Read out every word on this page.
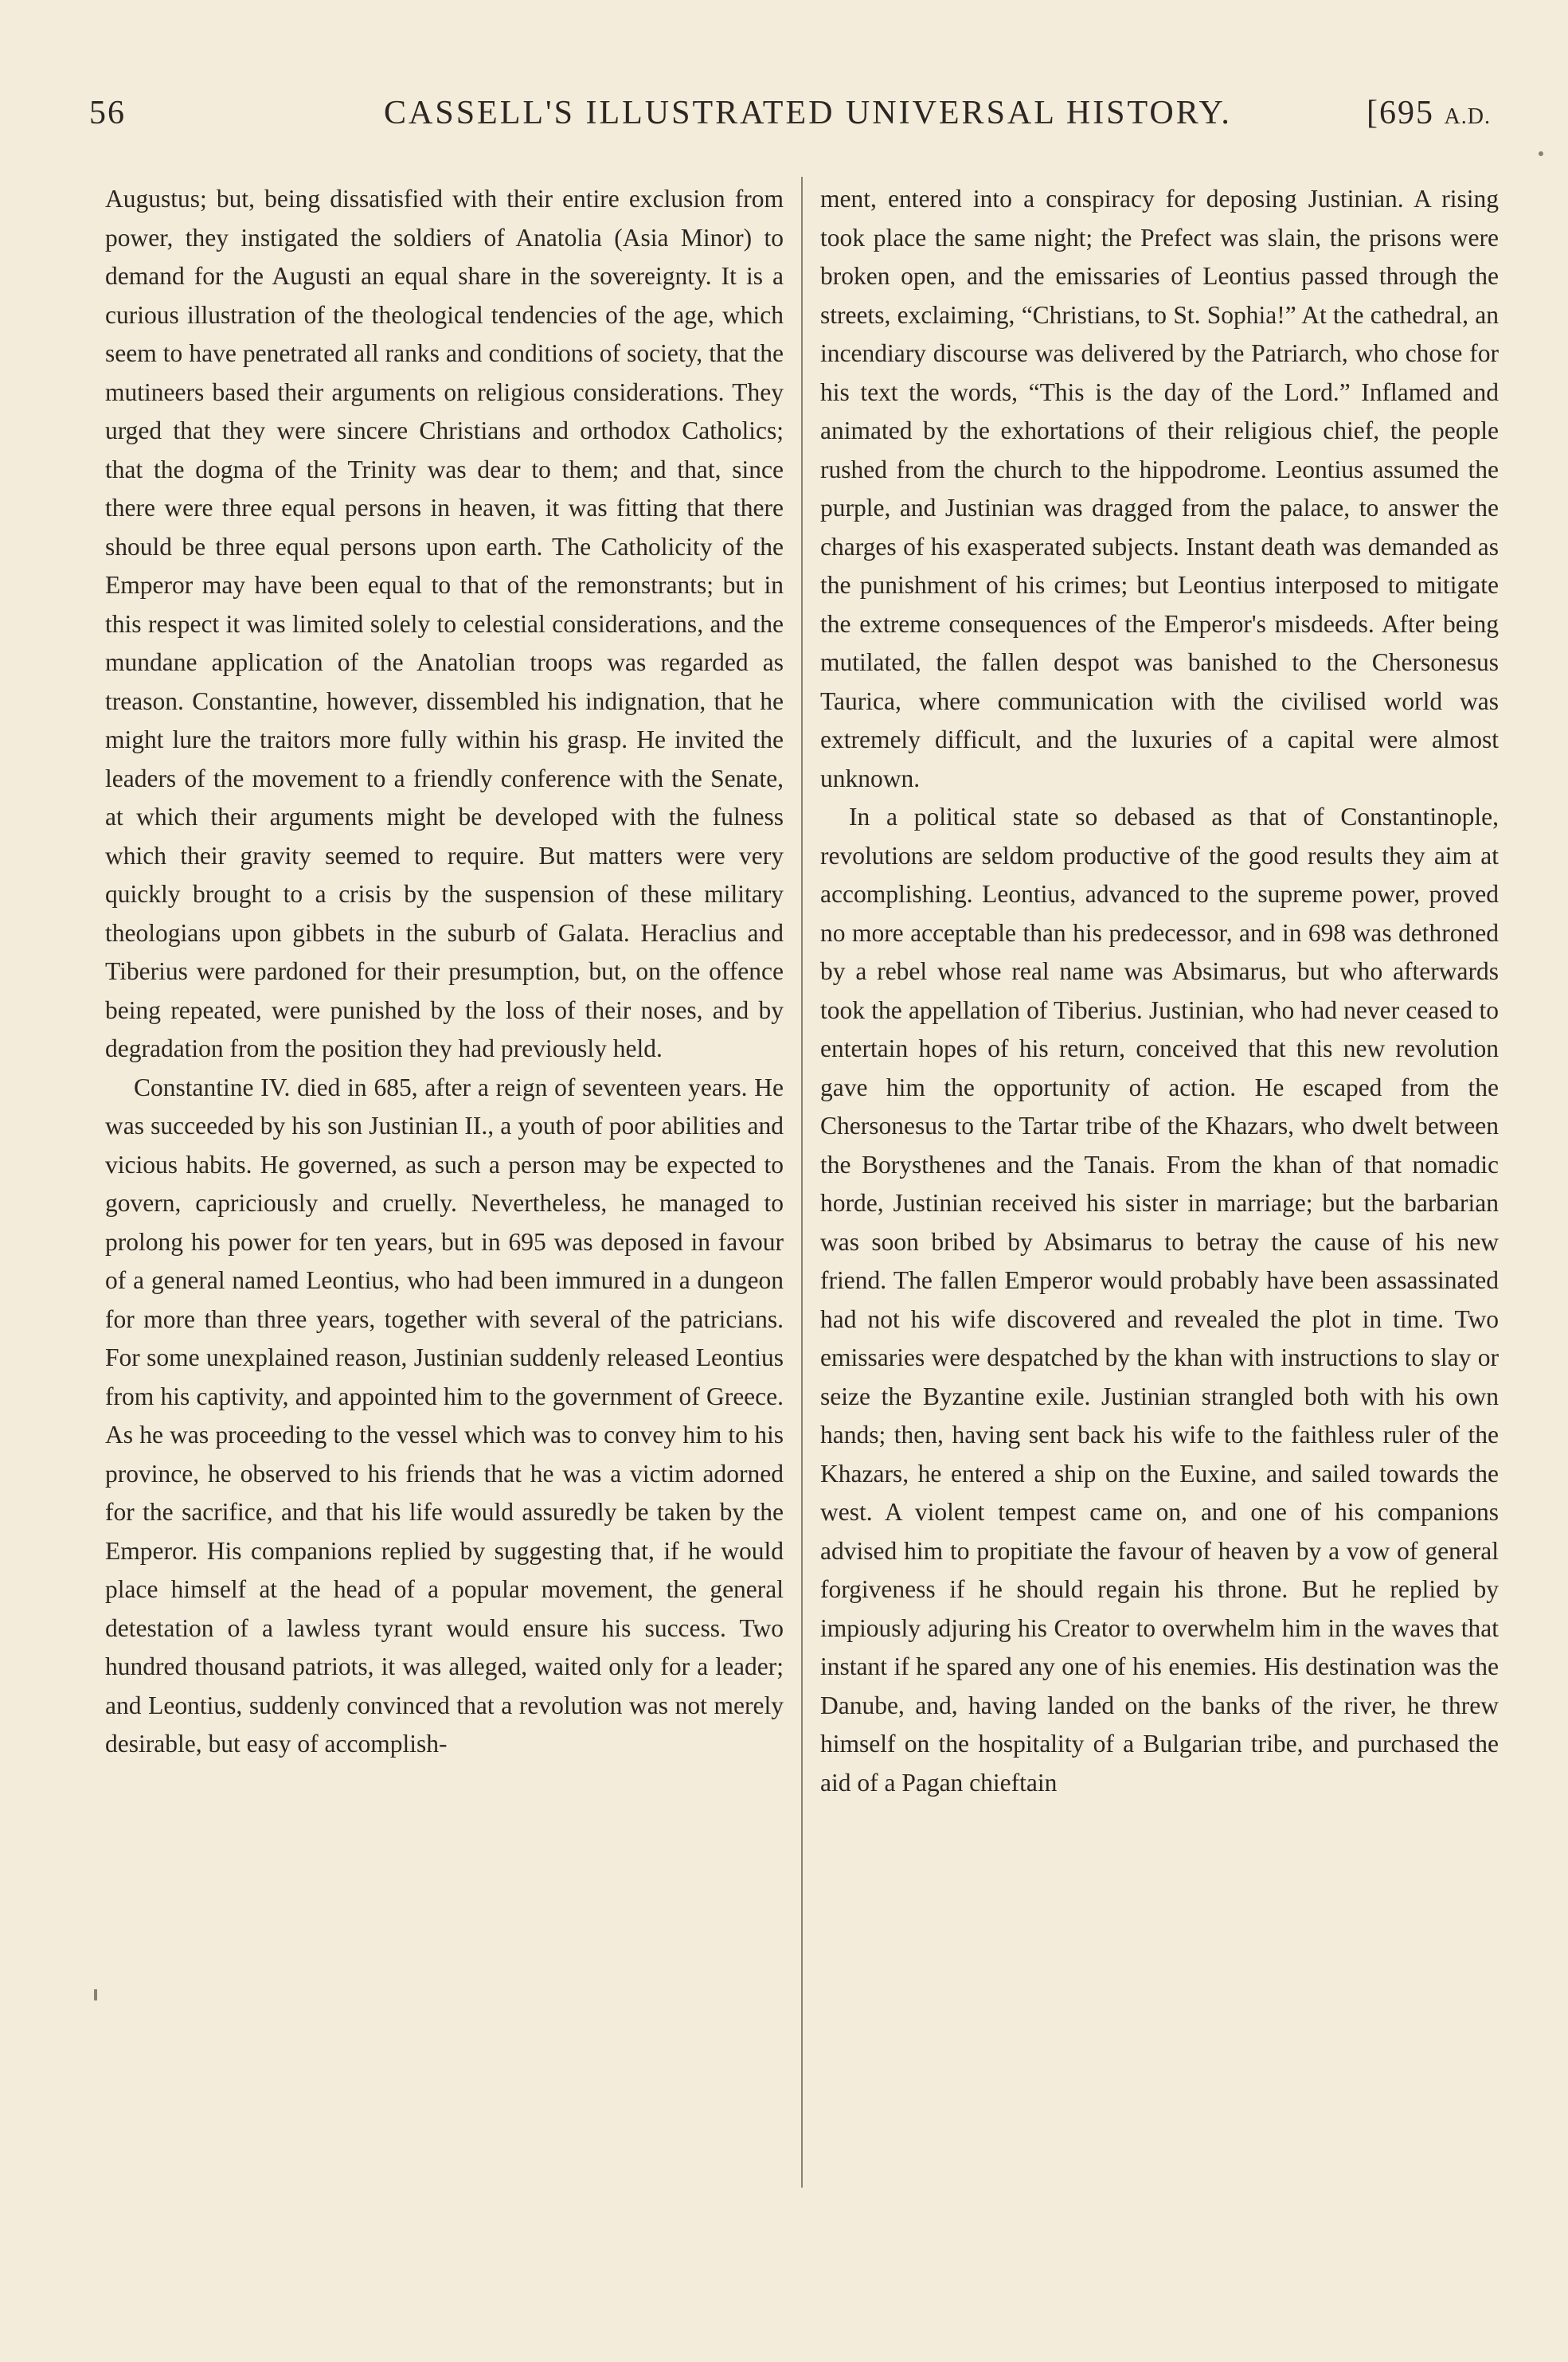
56	CASSELL'S ILLUSTRATED UNIVERSAL HISTORY.	[695 A.D.

Augustus; but, being dissatisfied with their entire exclusion from power, they instigated the soldiers of Anatolia (Asia Minor) to demand for the Augusti an equal share in the sovereignty. It is a curious illustration of the theological tendencies of the age, which seem to have penetrated all ranks and conditions of society, that the mutineers based their arguments on religious considerations. They urged that they were sincere Christians and orthodox Catholics; that the dogma of the Trinity was dear to them; and that, since there were three equal persons in heaven, it was fitting that there should be three equal persons upon earth. The Catholicity of the Emperor may have been equal to that of the remonstrants; but in this respect it was limited solely to celestial considerations, and the mundane application of the Anatolian troops was regarded as treason. Constantine, however, dissembled his indignation, that he might lure the traitors more fully within his grasp. He invited the leaders of the movement to a friendly conference with the Senate, at which their arguments might be developed with the fulness which their gravity seemed to require. But matters were very quickly brought to a crisis by the suspension of these military theologians upon gibbets in the suburb of Galata. Heraclius and Tiberius were pardoned for their presumption, but, on the offence being repeated, were punished by the loss of their noses, and by degradation from the position they had previously held.

Constantine IV. died in 685, after a reign of seventeen years. He was succeeded by his son Justinian II., a youth of poor abilities and vicious habits. He governed, as such a person may be expected to govern, capriciously and cruelly. Nevertheless, he managed to prolong his power for ten years, but in 695 was deposed in favour of a general named Leontius, who had been immured in a dungeon for more than three years, together with several of the patricians. For some unexplained reason, Justinian suddenly released Leontius from his captivity, and appointed him to the government of Greece. As he was proceeding to the vessel which was to convey him to his province, he observed to his friends that he was a victim adorned for the sacrifice, and that his life would assuredly be taken by the Emperor. His companions replied by suggesting that, if he would place himself at the head of a popular movement, the general detestation of a lawless tyrant would ensure his success. Two hundred thousand patriots, it was alleged, waited only for a leader; and Leontius, suddenly convinced that a revolution was not merely desirable, but easy of accomplish-

ment, entered into a conspiracy for deposing Justinian. A rising took place the same night; the Prefect was slain, the prisons were broken open, and the emissaries of Leontius passed through the streets, exclaiming, “Christians, to St. Sophia!” At the cathedral, an incendiary discourse was delivered by the Patriarch, who chose for his text the words, “This is the day of the Lord.” Inflamed and animated by the exhortations of their religious chief, the people rushed from the church to the hippodrome. Leontius assumed the purple, and Justinian was dragged from the palace, to answer the charges of his exasperated subjects. Instant death was demanded as the punishment of his crimes; but Leontius interposed to mitigate the extreme consequences of the Emperor's misdeeds. After being mutilated, the fallen despot was banished to the Chersonesus Taurica, where communication with the civilised world was extremely difficult, and the luxuries of a capital were almost unknown.

In a political state so debased as that of Constantinople, revolutions are seldom productive of the good results they aim at accomplishing. Leontius, advanced to the supreme power, proved no more acceptable than his predecessor, and in 698 was dethroned by a rebel whose real name was Absimarus, but who afterwards took the appellation of Tiberius. Justinian, who had never ceased to entertain hopes of his return, conceived that this new revolution gave him the opportunity of action. He escaped from the Chersonesus to the Tartar tribe of the Khazars, who dwelt between the Borysthenes and the Tanais. From the khan of that nomadic horde, Justinian received his sister in marriage; but the barbarian was soon bribed by Absimarus to betray the cause of his new friend. The fallen Emperor would probably have been assassinated had not his wife discovered and revealed the plot in time. Two emissaries were despatched by the khan with instructions to slay or seize the Byzantine exile. Justinian strangled both with his own hands; then, having sent back his wife to the faithless ruler of the Khazars, he entered a ship on the Euxine, and sailed towards the west. A violent tempest came on, and one of his companions advised him to propitiate the favour of heaven by a vow of general forgiveness if he should regain his throne. But he replied by impiously adjuring his Creator to overwhelm him in the waves that instant if he spared any one of his enemies. His destination was the Danube, and, having landed on the banks of the river, he threw himself on the hospitality of a Bulgarian tribe, and purchased the aid of a Pagan chieftain
